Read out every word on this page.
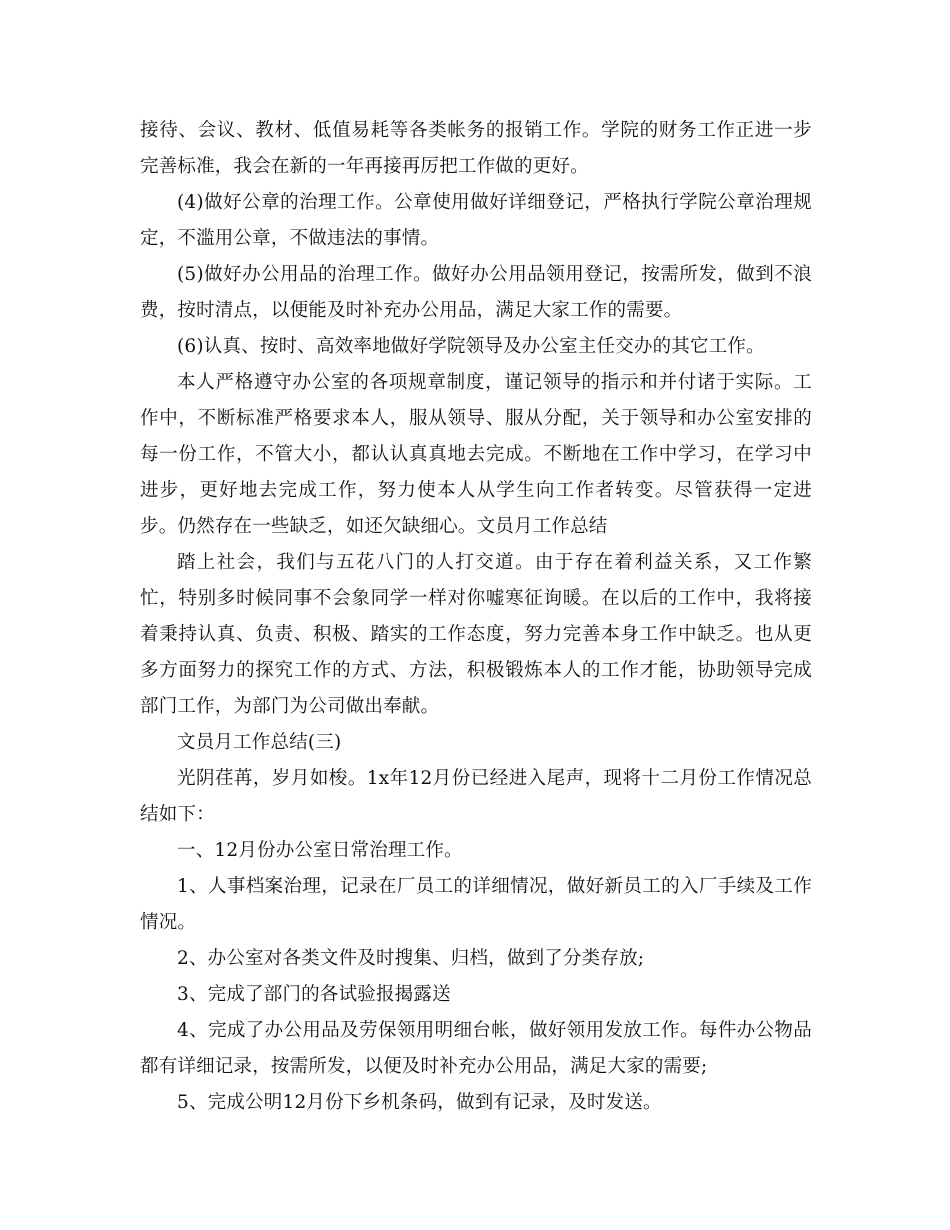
接待、会议、教材、低值易耗等各类帐务的报销工作。学院的财务工作正进一步完善标准，我会在新的一年再接再厉把工作做的更好。

(4)做好公章的治理工作。公章使用做好详细登记，严格执行学院公章治理规定，不滥用公章，不做违法的事情。

(5)做好办公用品的治理工作。做好办公用品领用登记，按需所发，做到不浪费，按时清点，以便能及时补充办公用品，满足大家工作的需要。

(6)认真、按时、高效率地做好学院领导及办公室主任交办的其它工作。

本人严格遵守办公室的各项规章制度，谨记领导的指示和并付诸于实际。工作中，不断标准严格要求本人，服从领导、服从分配，关于领导和办公室安排的每一份工作，不管大小，都认认真真地去完成。不断地在工作中学习，在学习中进步，更好地去完成工作，努力使本人从学生向工作者转变。尽管获得一定进步。仍然存在一些缺乏，如还欠缺细心。文员月工作总结

踏上社会，我们与五花八门的人打交道。由于存在着利益关系，又工作繁忙，特别多时候同事不会象同学一样对你嘘寒征询暖。在以后的工作中，我将接着秉持认真、负责、积极、踏实的工作态度，努力完善本身工作中缺乏。也从更多方面努力的探究工作的方式、方法，积极锻炼本人的工作才能，协助领导完成部门工作，为部门为公司做出奉献。

文员月工作总结(三)

光阴荏苒，岁月如梭。1x年12月份已经进入尾声，现将十二月份工作情况总结如下：

一、12月份办公室日常治理工作。

1、人事档案治理，记录在厂员工的详细情况，做好新员工的入厂手续及工作情况。

2、办公室对各类文件及时搜集、归档，做到了分类存放;

3、完成了部门的各试验报揭露送

4、完成了办公用品及劳保领用明细台帐，做好领用发放工作。每件办公物品都有详细记录，按需所发，以便及时补充办公用品，满足大家的需要;

5、完成公明12月份下乡机条码，做到有记录，及时发送。
